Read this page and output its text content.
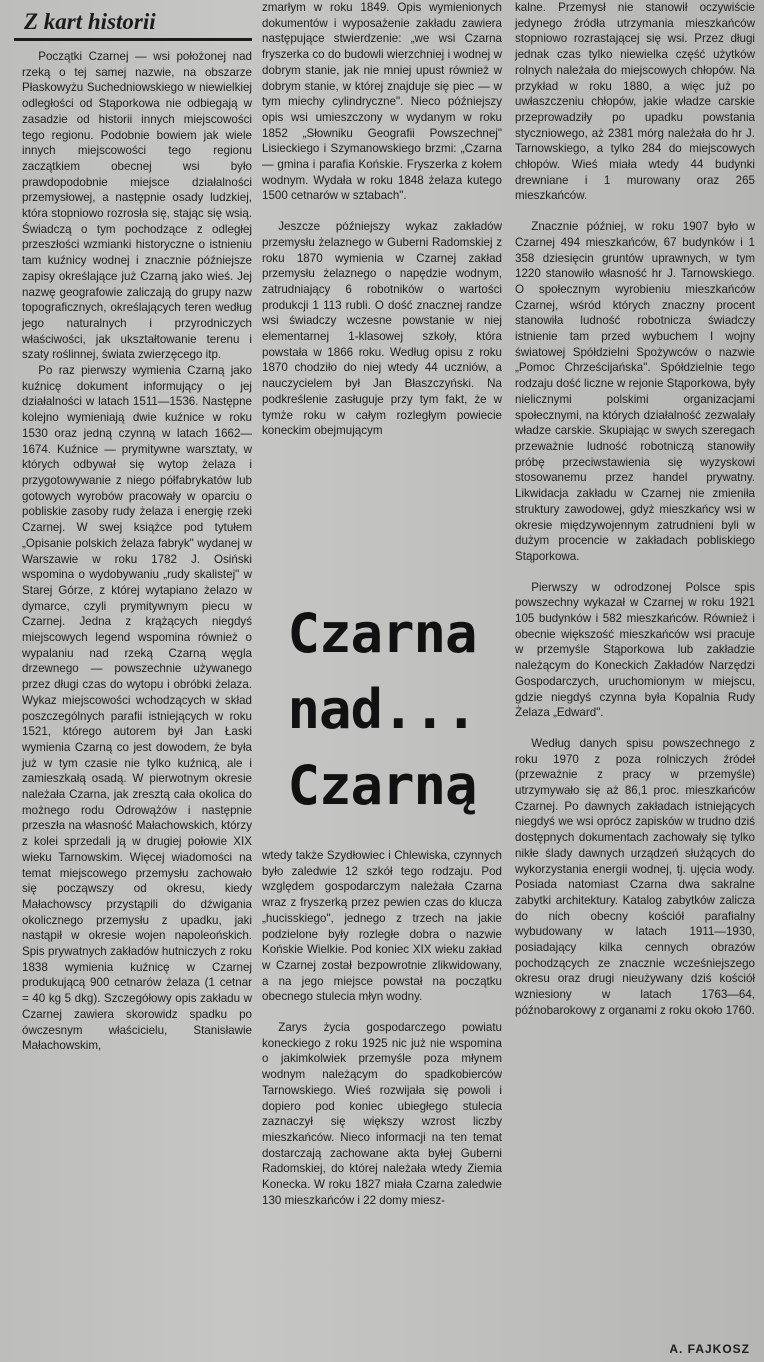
Z kart historii

Początki Czarnej — wsi położonej nad rzeką o tej samej nazwie, na obszarze Płaskowyżu Suchedniowskiego w niewielkiej odległości od Stąporkowa nie odbiegają w zasadzie od historii innych miejscowości tego regionu. Podobnie bowiem jak wiele innych miejscowości tego regionu zaczątkiem obecnej wsi było prawdopodobnie miejsce działalności przemysłowej, a następnie osady ludzkiej, która stopniowo rozrosła się, stając się wsią. Świadczą o tym pochodzące z odległej przeszłości wzmianki historyczne o istnieniu tam kuźnicy wodnej i znacznie późniejsze zapisy określające już Czarną jako wieś. Jej nazwę geografowie zaliczają do grupy nazw topograficznych, określających teren według jego naturalnych i przyrodniczych właściwości, jak ukształtowanie terenu i szaty roślinnej, świata zwierzęcego itp.

Po raz pierwszy wymienia Czarną jako kuźnicę dokument informujący o jej działalności w latach 1511—1536. Następne kolejno wymieniają dwie kuźnice w roku 1530 oraz jedną czynną w latach 1662—1674. Kuźnice — prymitywne warsztaty, w których odbywał się wytop żelaza i przygotowywanie z niego półfabrykatów lub gotowych wyrobów pracowały w oparciu o pobliskie zasoby rudy żelaza i energię rzeki Czarnej. W swej książce pod tytułem „Opisanie polskich żelaza fabryk" wydanej w Warszawie w roku 1782 J. Osiński wspomina o wydobywaniu „rudy skalistej" w Starej Górze, z której wytapiano żelazo w dymarce, czyli prymitywnym piecu w Czarnej. Jedna z krążących niegdyś miejscowych legend wspomina również o wypalaniu nad rzeką Czarną węgla drzewnego — powszechnie używanego przez długi czas do wytopu i obróbki żelaza. Wykaz miejscowości wchodzących w skład poszczególnych parafii istniejących w roku 1521, którego autorem był Jan Łaski wymienia Czarną co jest dowodem, że była już w tym czasie nie tylko kuźnicą, ale i zamieszkałą osadą. W pierwotnym okresie należała Czarna, jak zresztą cała okolica do możnego rodu Odrowążów i następnie przeszła na własność Małachowskich, którzy z kolei sprzedali ją w drugiej połowie XIX wieku Tarnowskim. Więcej wiadomości na temat miejscowego przemysłu zachowało się począwszy od okresu, kiedy Małachowscy przystąpili do dźwigania okolicznego przemysłu z upadku, jaki nastąpił w okresie wojen napoleońskich. Spis prywatnych zakładów hutniczych z roku 1838 wymienia kuźnicę w Czarnej produkującą 900 cetnarów żelaza (1 cetnar = 40 kg 5 dkg). Szczegółowy opis zakładu w Czarnej zawiera skorowidz spadku po ówczesnym właścicielu, Stanisławie Małachowskim,

zmarłym w roku 1849. Opis wymienionych dokumentów i wyposażenie zakładu zawiera następujące stwierdzenie: „we wsi Czarna fryszerka co do budowli wierzchniej i wodnej w dobrym stanie, jak nie mniej upust również w dobrym stanie, w której znajduje się piec — w tym miechy cylindryczne". Nieco późniejszy opis wsi umieszczony w wydanym w roku 1852 „Słowniku Geografii Powszechnej" Lisieckiego i Szymanowskiego brzmi: „Czarna — gmina i parafia Końskie. Fryszerka z kołem wodnym. Wydała w roku 1848 żelaza kutego 1500 cetnarów w sztabach".

Jeszcze późniejszy wykaz zakładów przemysłu żelaznego w Guberni Radomskiej z roku 1870 wymienia w Czarnej zakład przemysłu żelaznego o napędzie wodnym, zatrudniający 6 robotników o wartości produkcji 1 113 rubli. O dość znacznej randze wsi świadczy wczesne powstanie w niej elementarnej 1-klasowej szkoły, która powstała w 1866 roku. Według opisu z roku 1870 chodziło do niej wtedy 44 uczniów, a nauczycielem był Jan Błaszczyński. Na podkreślenie zasługuje przy tym fakt, że w tymże roku w całym rozległym powiecie koneckim obejmującym

Czarna
nad...
Czarną

wtedy także Szydłowiec i Chlewiska, czynnych było zaledwie 12 szkół tego rodzaju. Pod względem gospodarczym należała Czarna wraz z fryszerką przez pewien czas do klucza „hucisskiego", jednego z trzech na jakie podzielone były rozległe dobra o nazwie Końskie Wielkie. Pod koniec XIX wieku zakład w Czarnej został bezpowrotnie zlikwidowany, a na jego miejsce powstał na początku obecnego stulecia młyn wodny.

Zarys życia gospodarczego powiatu koneckiego z roku 1925 nic już nie wspomina o jakimkolwiek przemyśle poza młynem wodnym należącym do spadkobierców Tarnowskiego. Wieś rozwijała się powoli i dopiero pod koniec ubiegłego stulecia zaznaczył się większy wzrost liczby mieszkańców. Nieco informacji na ten temat dostarczają zachowane akta byłej Guberni Radomskiej, do której należała wtedy Ziemia Konecka. W roku 1827 miała Czarna zaledwie 130 mieszkańców i 22 domy miesz-

kalne. Przemysł nie stanowił oczywiście jedynego źródła utrzymania mieszkańców stopniowo rozrastającej się wsi. Przez długi jednak czas tylko niewielka część użytków rolnych należała do miejscowych chłopów. Na przykład w roku 1880, a więc już po uwłaszczeniu chłopów, jakie władze carskie przeprowadziły po upadku powstania styczniowego, aż 2381 mórg należała do hr J. Tarnowskiego, a tylko 284 do miejscowych chłopów. Wieś miała wtedy 44 budynki drewniane i 1 murowany oraz 265 mieszkańców.

Znacznie później, w roku 1907 było w Czarnej 494 mieszkańców, 67 budynków i 1 358 dziesięcin gruntów uprawnych, w tym 1220 stanowiło własność hr J. Tarnowskiego. O społecznym wyrobieniu mieszkańców Czarnej, wśród których znaczny procent stanowiła ludność robotnicza świadczy istnienie tam przed wybuchem I wojny światowej Spółdzielni Spożywców o nazwie „Pomoc Chrześcijańska". Spółdzielnie tego rodzaju dość liczne w rejonie Stąporkowa, były nielicznymi polskimi organizacjami społecznymi, na których działalność zezwalały władze carskie. Skupiając w swych szeregach przeważnie ludność robotniczą stanowiły próbę przeciwstawienia się wyzyskowi stosowanemu przez handel prywatny. Likwidacja zakładu w Czarnej nie zmieniła struktury zawodowej, gdyż mieszkańcy wsi w okresie międzywojennym zatrudnieni byli w dużym procencie w zakładach pobliskiego Stąporkowa.

Pierwszy w odrodzonej Polsce spis powszechny wykazał w Czarnej w roku 1921 105 budynków i 582 mieszkańców. Również i obecnie większość mieszkańców wsi pracuje w przemyśle Stąporkowa lub zakładzie należącym do Koneckich Zakładów Narzędzi Gospodarczych, uruchomionym w miejscu, gdzie niegdyś czynna była Kopalnia Rudy Żelaza „Edward".

Według danych spisu powszechnego z roku 1970 z poza rolniczych źródeł (przeważnie z pracy w przemyśle) utrzymywało się aż 86,1 proc. mieszkańców Czarnej. Po dawnych zakładach istniejących niegdyś we wsi oprócz zapisków w trudno dziś dostępnych dokumentach zachowały się tylko nikłe ślady dawnych urządzeń służących do wykorzystania energii wodnej, tj. ujęcia wody. Posiada natomiast Czarna dwa sakralne zabytki architektury. Katalog zabytków zalicza do nich obecny kościół parafialny wybudowany w latach 1911—1930, posiadający kilka cennych obrazów pochodzących ze znacznie wcześniejszego okresu oraz drugi nieużywany dziś kościół wzniesiony w latach 1763—64, późnobarokowy z organami z roku około 1760.

A. FAJKOSZ
